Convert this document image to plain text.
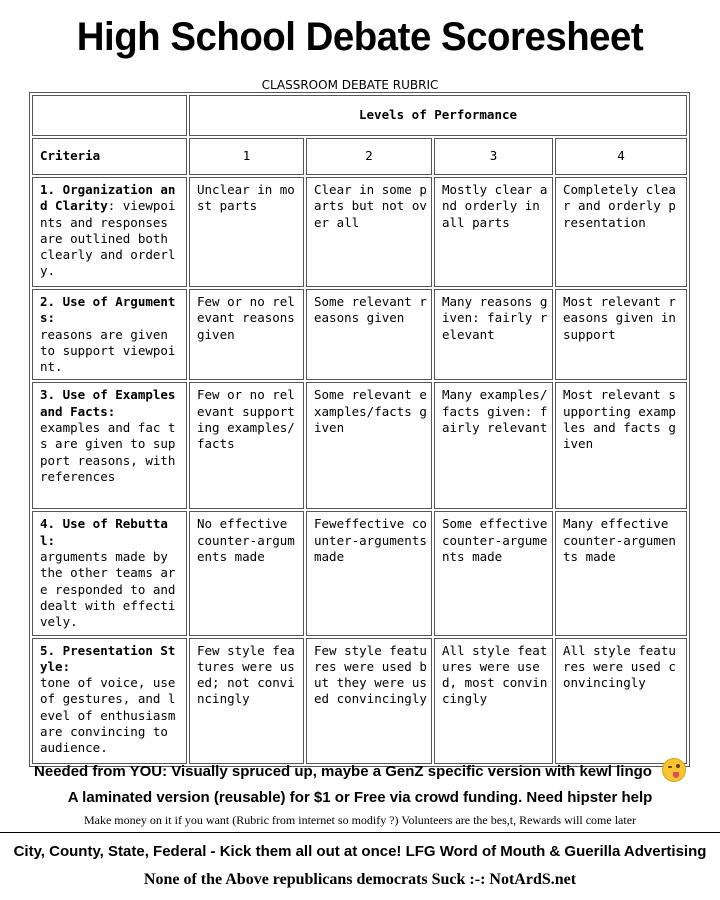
High School Debate Scoresheet
CLASSROOM DEBATE RUBRIC
	Levels of Performance			
Criteria	1	2	3	4
1. Organization and Clarity: viewpoints and responses are outlined both clearly and orderly.	Unclear in most parts	Clear in some parts but not over all	Mostly clear and orderly in all parts	Completely clear and orderly presentation

2. Use of Arguments:
reasons are given to support viewpoint.	Few or no relevant reasons given	Some relevant reasons given	Many reasons given: fairly relevant	Most relevant reasons given in support

3. Use of Examples and Facts:
examples and fac ts are given to support reasons, with references	Few or no relevant supporting examples/facts	Some relevant examples/facts given	Many examples/facts given: fairly relevant	Most relevant supporting examples and facts given

4. Use of Rebuttal:
arguments made by the other teams are responded to and dealt with effectively.	No effective counter-arguments made	Feweffective counter-arguments made	Some effective counter-arguments made	Many effective counter-arguments made

5. Presentation Style:
tone of voice, use of gestures, and level of enthusiasm are convincing to audience.	Few style features were used; not convincingly	Few style features were used but they were used convincingly	All style features were used, most convincingly	All style features were used convincingly
Needed from YOU: Visually spruced up, maybe a GenZ specific version with kewl lingo
A laminated version (reusable) for $1 or Free via crowd funding. Need hipster help
Make money on it if you want (Rubric from internet so modify ?) Volunteers are the bes,t, Rewards will come later
City, County, State, Federal - Kick them all out at once! LFG Word of Mouth & Guerilla Advertising
None of the Above republicans democrats Suck :-: NotArdS.net
